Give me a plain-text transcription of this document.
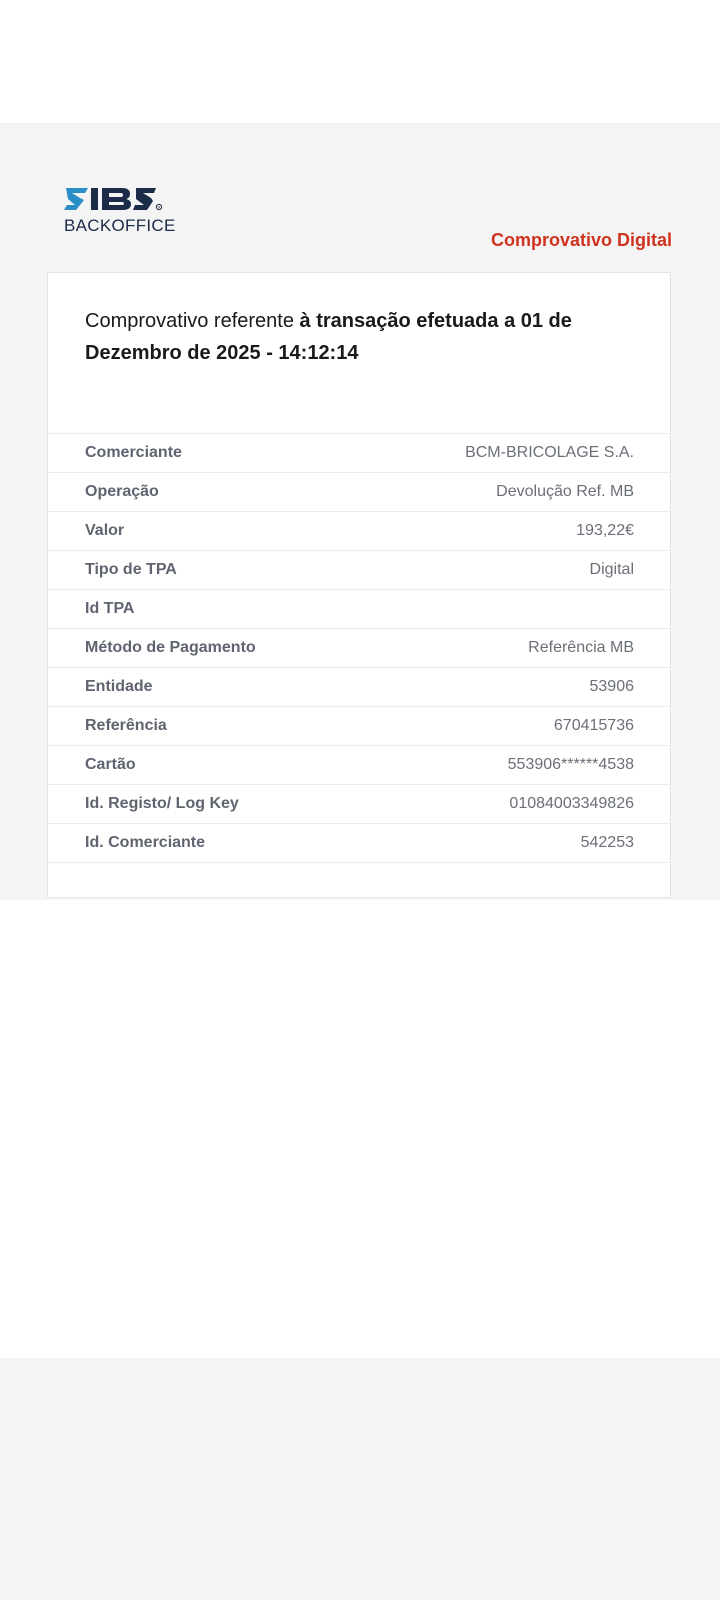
R
BACKOFFICE
Comprovativo Digital
Comprovativo referente à transação efetuada a 01 de Dezembro de 2025 - 14:12:14
Comerciante	BCM-BRICOLAGE S.A.
Operação	Devolução Ref. MB
Valor	193,22€
Tipo de TPA	Digital
Id TPA
Método de Pagamento	Referência MB
Entidade	53906
Referência	670415736
Cartão	553906******4538
Id. Registo/ Log Key	01084003349826
Id. Comerciante	542253
